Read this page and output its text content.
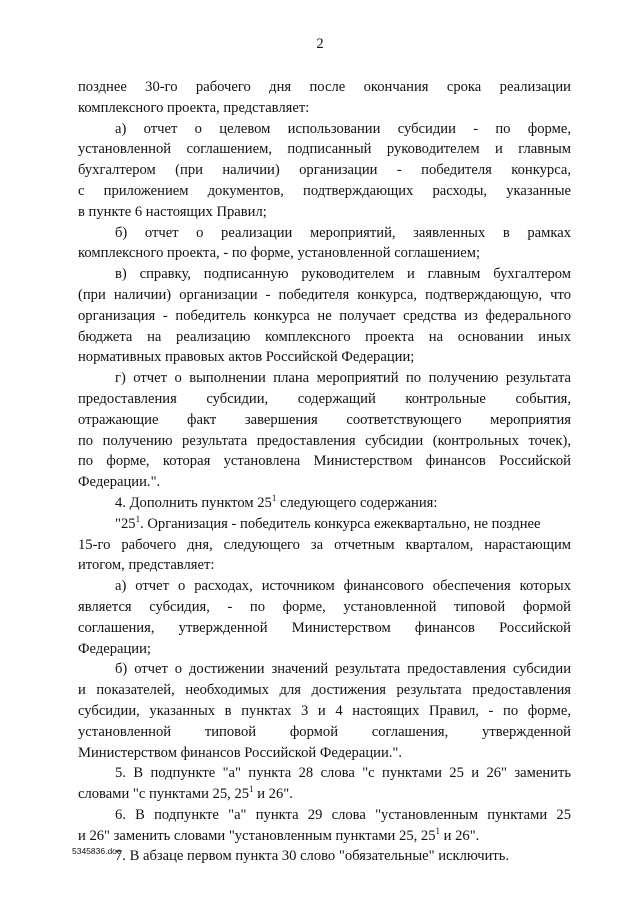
2
позднее 30-го рабочего дня после окончания срока реализации
комплексного проекта, представляет:
а) отчет о целевом использовании субсидии - по форме,
установленной соглашением, подписанный руководителем и главным
бухгалтером (при наличии) организации - победителя конкурса,
с приложением документов, подтверждающих расходы, указанные
в пункте 6 настоящих Правил;
б) отчет о реализации мероприятий, заявленных в рамках
комплексного проекта, - по форме, установленной соглашением;
в) справку, подписанную руководителем и главным бухгалтером
(при наличии) организации - победителя конкурса, подтверждающую, что
организация - победитель конкурса не получает средства из федерального
бюджета на реализацию комплексного проекта на основании иных
нормативных правовых актов Российской Федерации;
г) отчет о выполнении плана мероприятий по получению результата
предоставления субсидии, содержащий контрольные события,
отражающие факт завершения соответствующего мероприятия
по получению результата предоставления субсидии (контрольных точек),
по форме, которая установлена Министерством финансов Российской
Федерации.".
4. Дополнить пунктом $25^1$ следующего содержания:
"$25^1$. Организация - победитель конкурса ежеквартально, не позднее
15-го рабочего дня, следующего за отчетным кварталом, нарастающим
итогом, представляет:
а) отчет о расходах, источником финансового обеспечения которых
является субсидия, - по форме, установленной типовой формой
соглашения, утвержденной Министерством финансов Российской
Федерации;
б) отчет о достижении значений результата предоставления субсидии
и показателей, необходимых для достижения результата предоставления
субсидии, указанных в пунктах 3 и 4 настоящих Правил, - по форме,
установленной типовой формой соглашения, утвержденной
Министерством финансов Российской Федерации.".
5. В подпункте "а" пункта 28 слова "с пунктами 25 и 26" заменить
словами "с пунктами 25, $25^1$ и 26".
6. В подпункте "а" пункта 29 слова "установленным пунктами 25
и 26" заменить словами "установленным пунктами 25, $25^1$ и 26".
7. В абзаце первом пункта 30 слово "обязательные" исключить.
5345836.doc
